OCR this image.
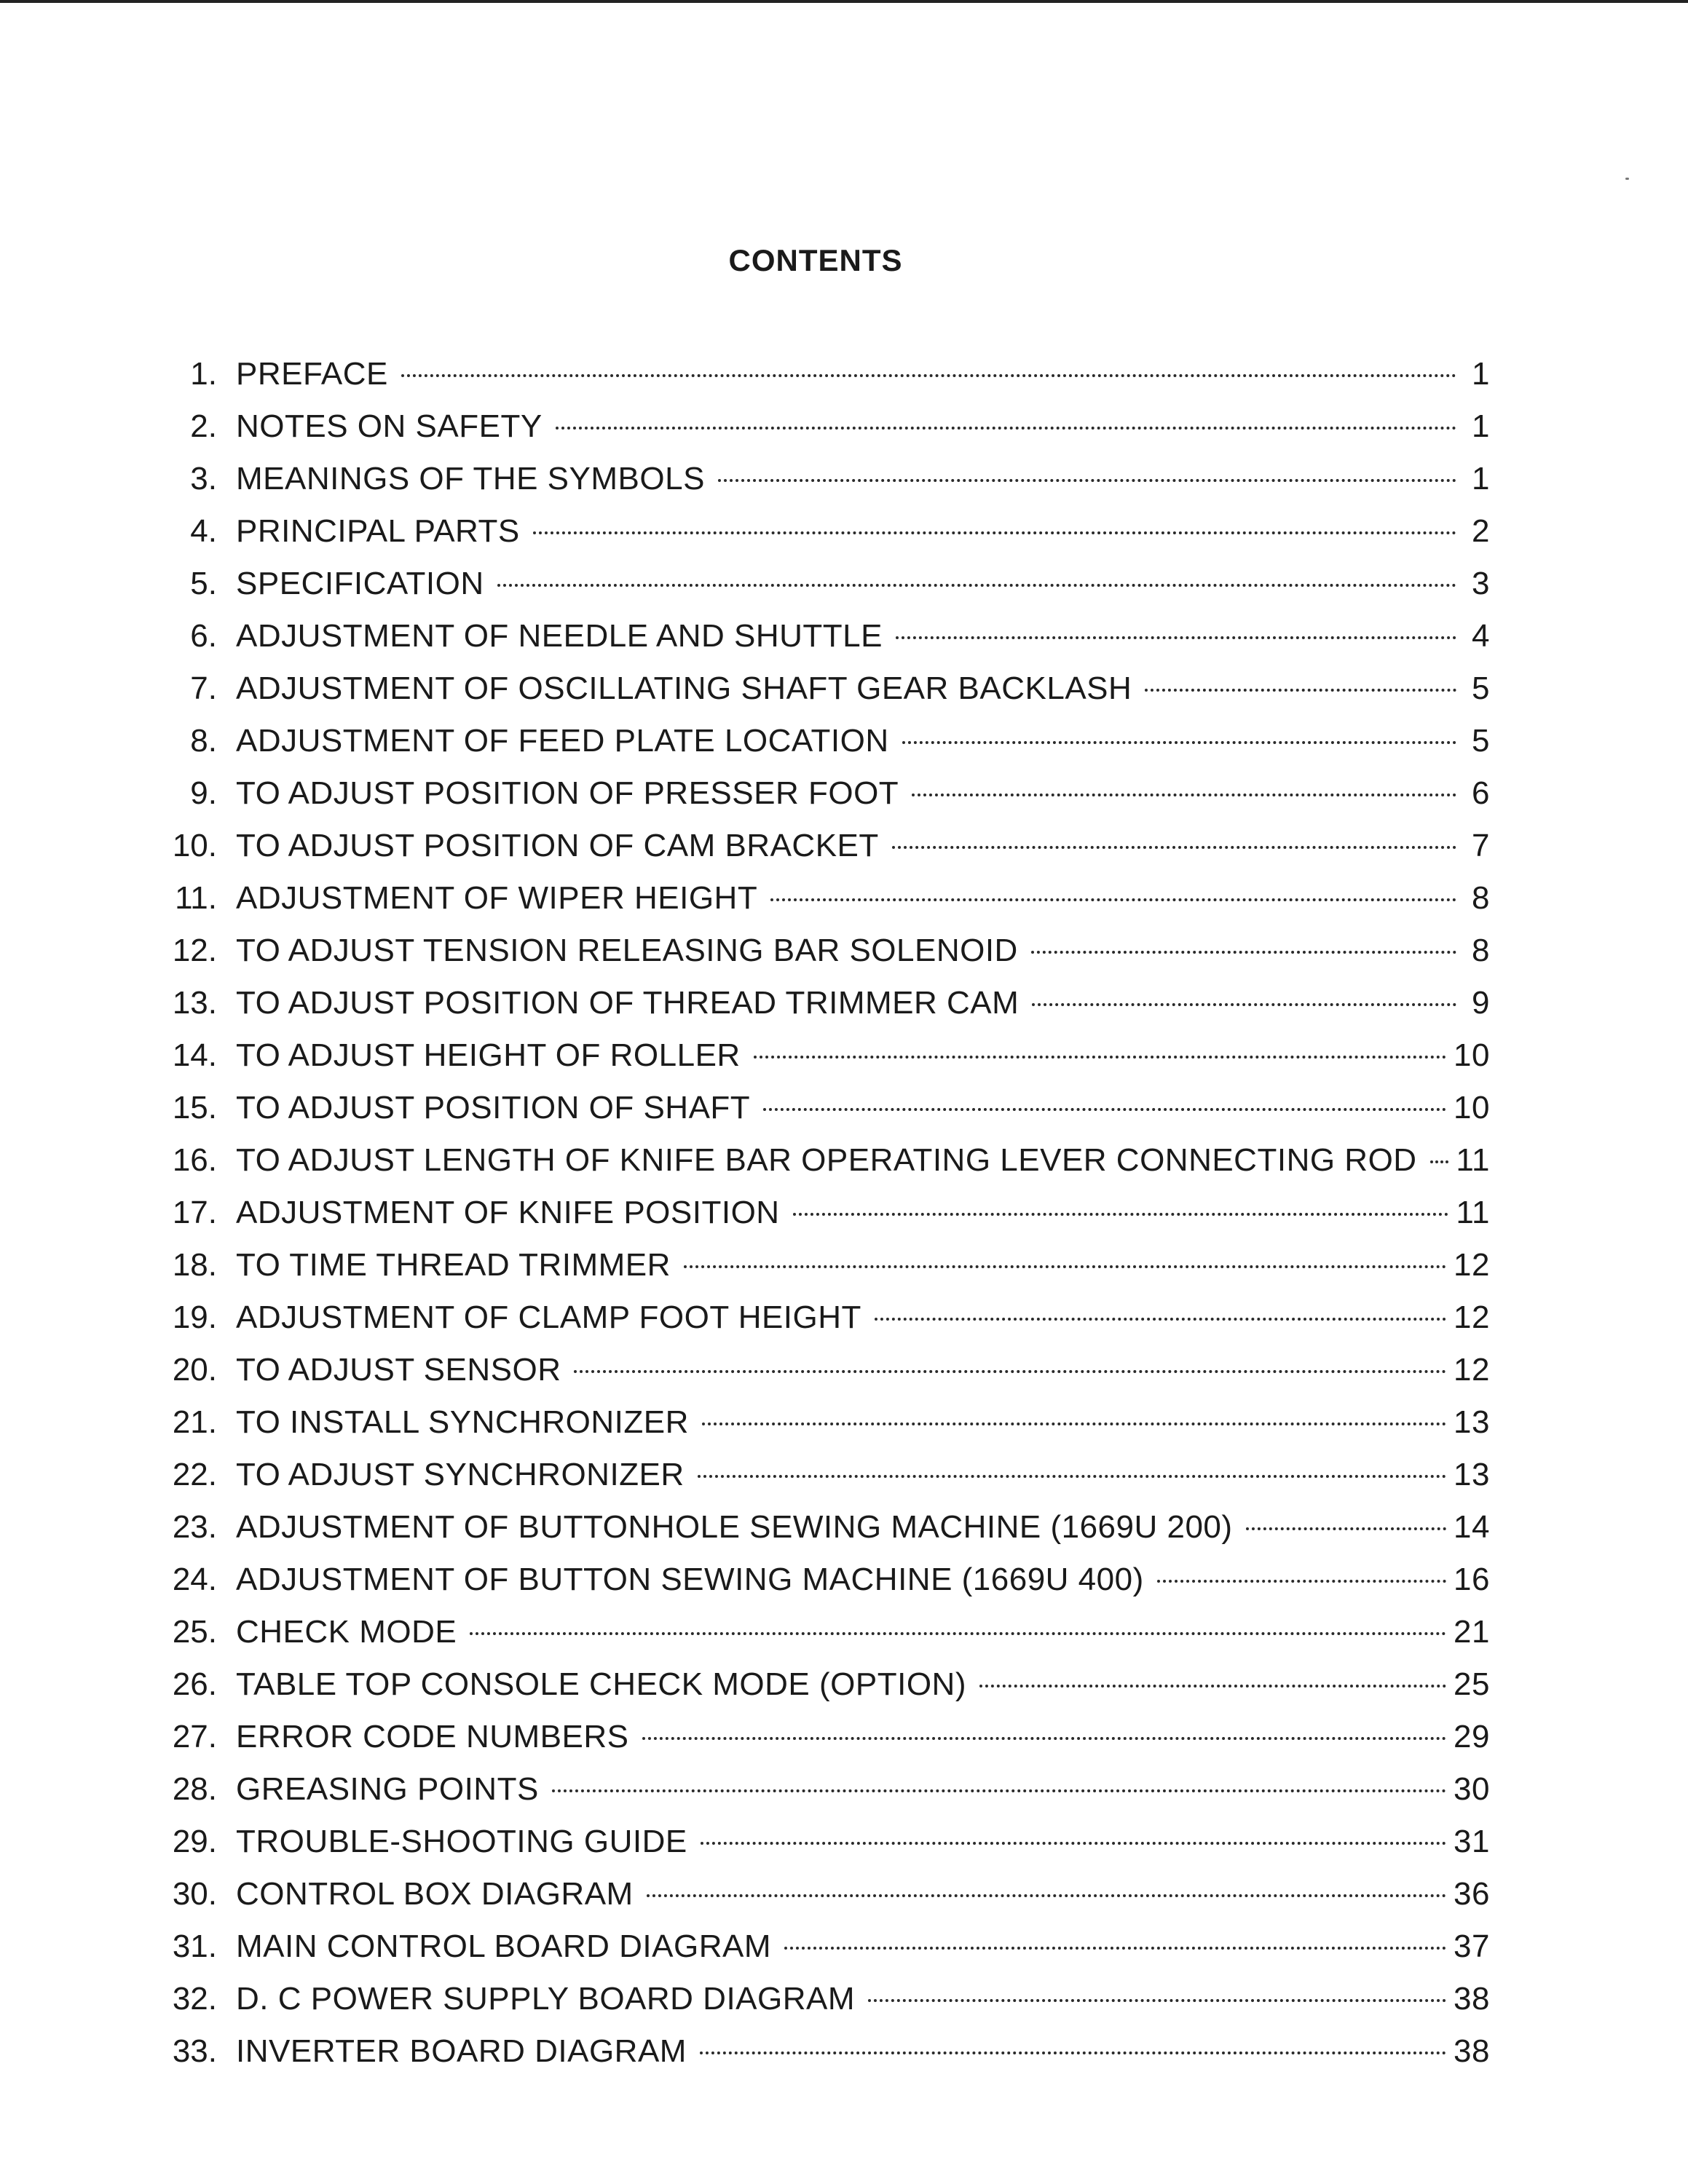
CONTENTS
1. PREFACE	1
2. NOTES ON SAFETY	1
3. MEANINGS OF THE SYMBOLS	1
4. PRINCIPAL PARTS	2
5. SPECIFICATION	3
6. ADJUSTMENT OF NEEDLE AND SHUTTLE	4
7. ADJUSTMENT OF OSCILLATING SHAFT GEAR BACKLASH	5
8. ADJUSTMENT OF FEED PLATE LOCATION	5
9. TO ADJUST POSITION OF PRESSER FOOT	6
10. TO ADJUST POSITION OF CAM BRACKET	7
11. ADJUSTMENT OF WIPER HEIGHT	8
12. TO ADJUST TENSION RELEASING BAR SOLENOID	8
13. TO ADJUST POSITION OF THREAD TRIMMER CAM	9
14. TO ADJUST HEIGHT OF ROLLER	10
15. TO ADJUST POSITION OF SHAFT	10
16. TO ADJUST LENGTH OF KNIFE BAR OPERATING LEVER CONNECTING ROD 11
17. ADJUSTMENT OF KNIFE POSITION	11
18. TO TIME THREAD TRIMMER	12
19. ADJUSTMENT OF CLAMP FOOT HEIGHT	12
20. TO ADJUST SENSOR	12
21. TO INSTALL SYNCHRONIZER	13
22. TO ADJUST SYNCHRONIZER	13
23. ADJUSTMENT OF BUTTONHOLE SEWING MACHINE (1669U 200)	14
24. ADJUSTMENT OF BUTTON SEWING MACHINE (1669U 400)	16
25. CHECK MODE	21
26. TABLE TOP CONSOLE CHECK MODE (OPTION)	25
27. ERROR CODE NUMBERS	29
28. GREASING POINTS	30
29. TROUBLE-SHOOTING GUIDE	31
30. CONTROL BOX DIAGRAM	36
31. MAIN CONTROL BOARD DIAGRAM	37
32. D. C POWER SUPPLY BOARD DIAGRAM	38
33. INVERTER BOARD DIAGRAM	38
